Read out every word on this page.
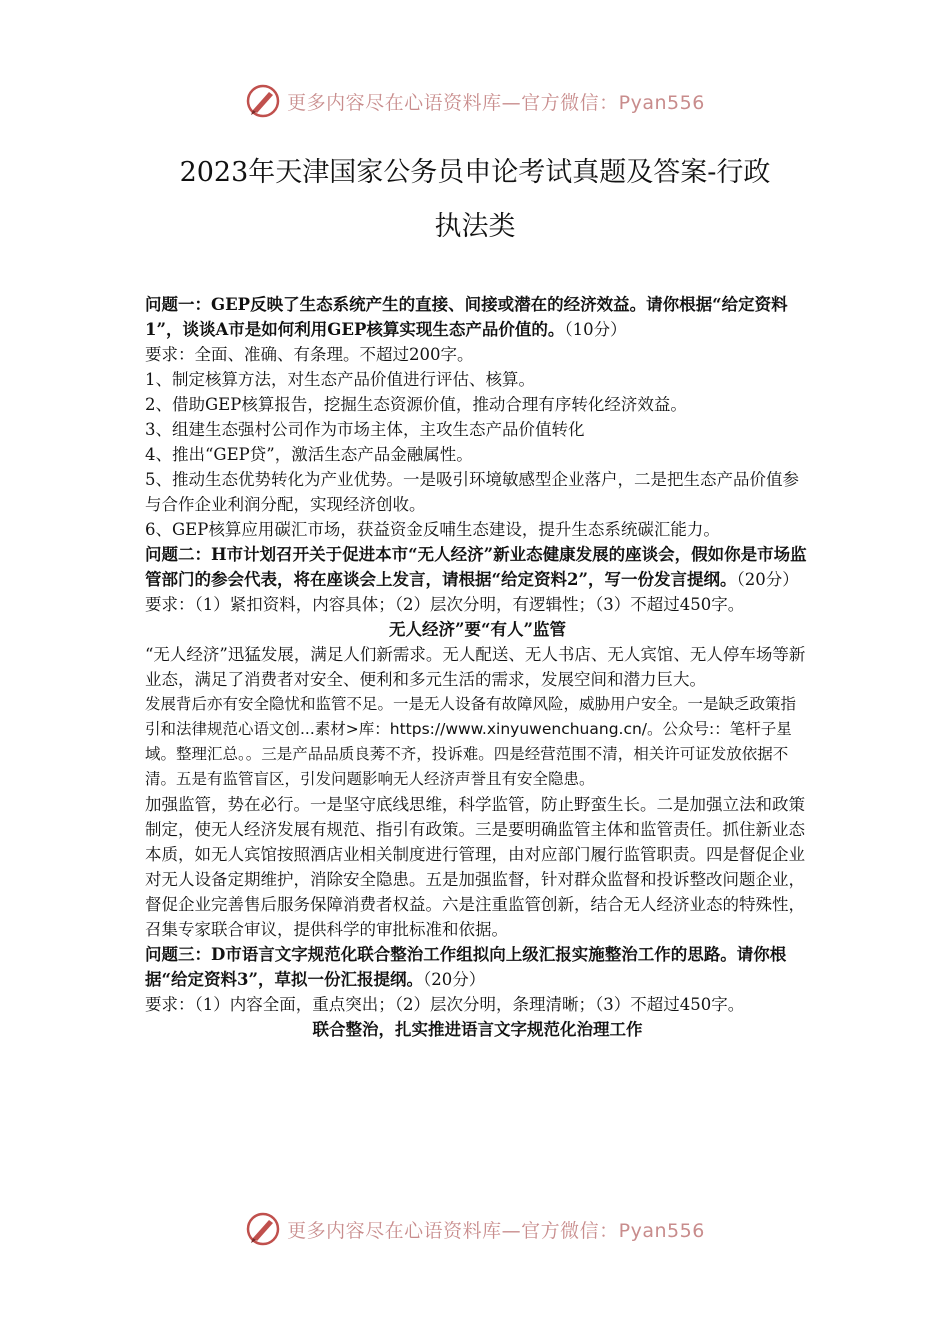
更多内容尽在心语资料库—官方微信：Pyan556
2023年天津国家公务员申论考试真题及答案-行政
执法类

问题一：GEP反映了生态系统产生的直接、间接或潜在的经济效益。请你根据“给定资料1”，谈谈A市是如何利用GEP核算实现生态产品价值的。（10分）

要求：全面、准确、有条理。不超过200字。

1、制定核算方法，对生态产品价值进行评估、核算。

2、借助GEP核算报告，挖掘生态资源价值，推动合理有序转化经济效益。

3、组建生态强村公司作为市场主体，主攻生态产品价值转化

4、推出“GEP贷”，激活生态产品金融属性。

5、推动生态优势转化为产业优势。一是吸引环境敏感型企业落户，二是把生态产品价值参与合作企业利润分配，实现经济创收。

6、GEP核算应用碳汇市场，获益资金反哺生态建设，提升生态系统碳汇能力。

问题二：H市计划召开关于促进本市“无人经济”新业态健康发展的座谈会，假如你是市场监管部门的参会代表，将在座谈会上发言，请根据“给定资料2”，写一份发言提纲。（20分）

要求：（1）紧扣资料，内容具体；（2）层次分明，有逻辑性；（3）不超过450字。

无人经济”要“有人”监管

“无人经济”迅猛发展，满足人们新需求。无人配送、无人书店、无人宾馆、无人停车场等新业态，满足了消费者对安全、便利和多元生活的需求，发展空间和潜力巨大。

发展背后亦有安全隐忧和监管不足。一是无人设备有故障风险，威胁用户安全。一是缺乏政策指引和法律规范心语文创...素材>库：https://www.xinyuwenchuang.cn/。公众号:：笔杆子星域。整理汇总。。三是产品品质良莠不齐，投诉难。四是经营范围不清，相关许可证发放依据不清。五是有监管盲区，引发问题影响无人经济声誉且有安全隐患。

加强监管，势在必行。一是坚守底线思维，科学监管，防止野蛮生长。二是加强立法和政策制定，使无人经济发展有规范、指引有政策。三是要明确监管主体和监管责任。抓住新业态本质，如无人宾馆按照酒店业相关制度进行管理，由对应部门履行监管职责。四是督促企业对无人设备定期维护，消除安全隐患。五是加强监督，针对群众监督和投诉整改问题企业，督促企业完善售后服务保障消费者权益。六是注重监管创新，结合无人经济业态的特殊性，召集专家联合审议，提供科学的审批标准和依据。

问题三：D市语言文字规范化联合整治工作组拟向上级汇报实施整治工作的思路。请你根据“给定资料3”，草拟一份汇报提纲。（20分）

要求：（1）内容全面，重点突出；（2）层次分明，条理清晰；（3）不超过450字。

联合整治，扎实推进语言文字规范化治理工作

更多内容尽在心语资料库—官方微信：Pyan556
